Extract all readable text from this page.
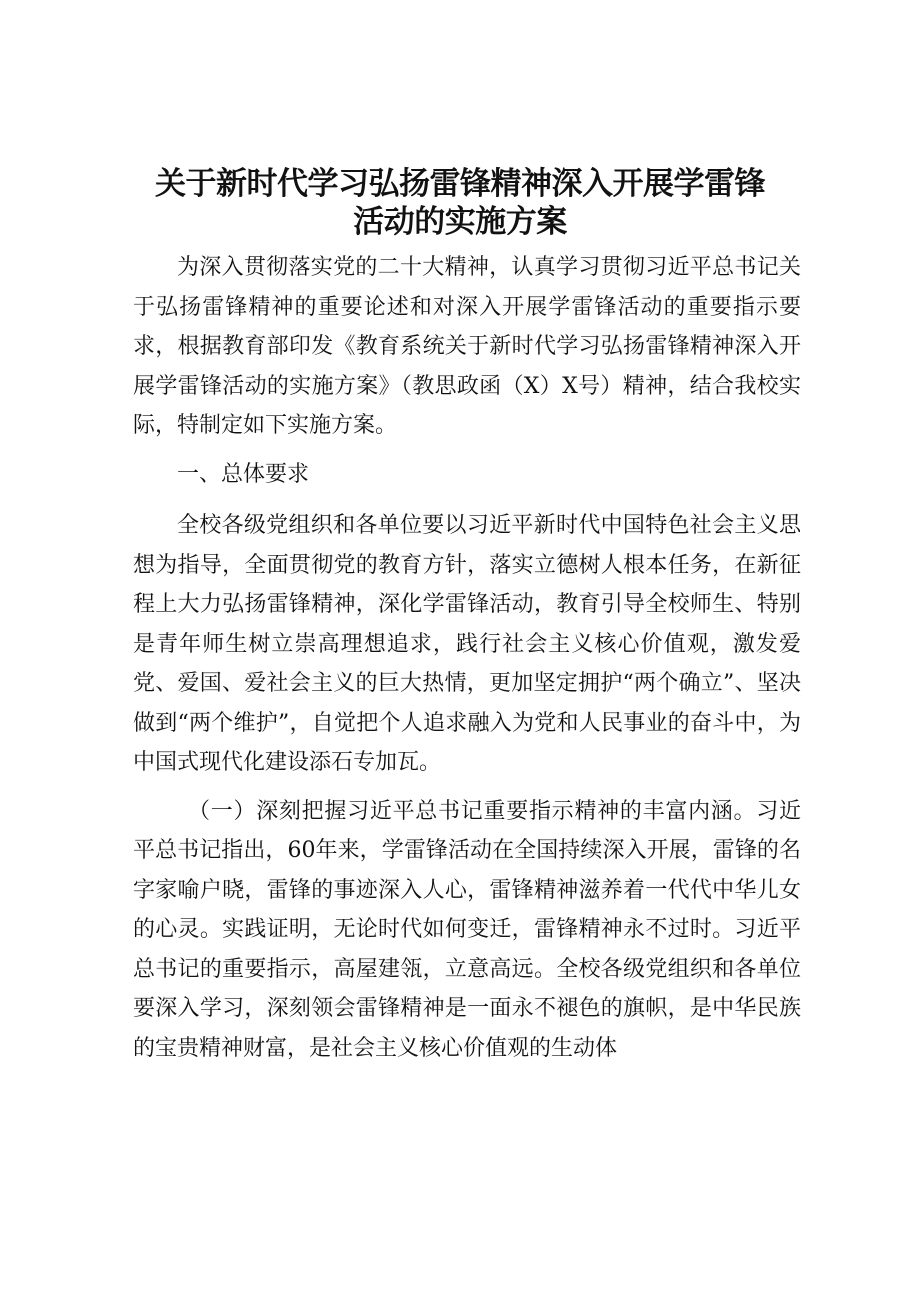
关于新时代学习弘扬雷锋精神深入开展学雷锋
活动的实施方案

为深入贯彻落实党的二十大精神，认真学习贯彻习近平总书记关于弘扬雷锋精神的重要论述和对深入开展学雷锋活动的重要指示要求，根据教育部印发《教育系统关于新时代学习弘扬雷锋精神深入开展学雷锋活动的实施方案》（教思政函（X）X号）精神，结合我校实际，特制定如下实施方案。

一、总体要求

全校各级党组织和各单位要以习近平新时代中国特色社会主义思想为指导，全面贯彻党的教育方针，落实立德树人根本任务，在新征程上大力弘扬雷锋精神，深化学雷锋活动，教育引导全校师生、特别是青年师生树立崇高理想追求，践行社会主义核心价值观，激发爱党、爱国、爱社会主义的巨大热情，更加坚定拥护“两个确立”、坚决做到“两个维护”，自觉把个人追求融入为党和人民事业的奋斗中，为中国式现代化建设添石专加瓦。

（一）深刻把握习近平总书记重要指示精神的丰富内涵。习近平总书记指出，60年来，学雷锋活动在全国持续深入开展，雷锋的名字家喻户晓，雷锋的事迹深入人心，雷锋精神滋养着一代代中华儿女的心灵。实践证明，无论时代如何变迁，雷锋精神永不过时。习近平总书记的重要指示，高屋建瓴，立意高远。全校各级党组织和各单位要深入学习，深刻领会雷锋精神是一面永不褪色的旗帜，是中华民族的宝贵精神财富，是社会主义核心价值观的生动体
